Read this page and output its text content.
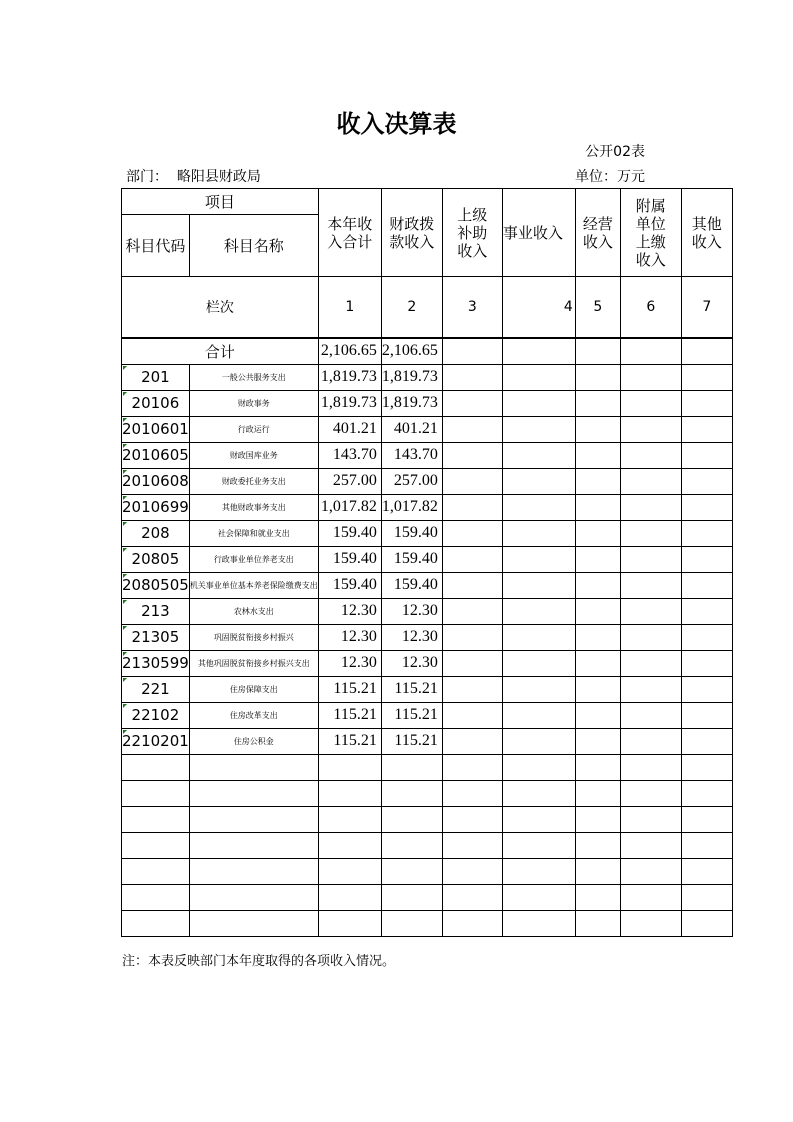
收入决算表
公开02表
部门： 略阳县财政局	单位：万元
项目		本年收入合计	财政拨款收入	上级补助收入	事业收入	经营收入	附属单位上缴收入	其他收入
科目代码	科目名称							
栏次		1	2	3	4	5	6	7
合计		2,106.65	2,106.65					
201	一般公共服务支出	1,819.73	1,819.73					
20106	财政事务	1,819.73	1,819.73					
2010601	行政运行	401.21	401.21					
2010605	财政国库业务	143.70	143.70					
2010608	财政委托业务支出	257.00	257.00					
2010699	其他财政事务支出	1,017.82	1,017.82					
208	社会保障和就业支出	159.40	159.40					
20805	行政事业单位养老支出	159.40	159.40					
2080505	机关事业单位基本养老保险缴费支出	159.40	159.40					
213	农林水支出	12.30	12.30					
21305	巩固脱贫衔接乡村振兴	12.30	12.30					
2130599	其他巩固脱贫衔接乡村振兴支出	12.30	12.30					
221	住房保障支出	115.21	115.21					
22102	住房改革支出	115.21	115.21					
2210201	住房公积金	115.21	115.21					

注：本表反映部门本年度取得的各项收入情况。
